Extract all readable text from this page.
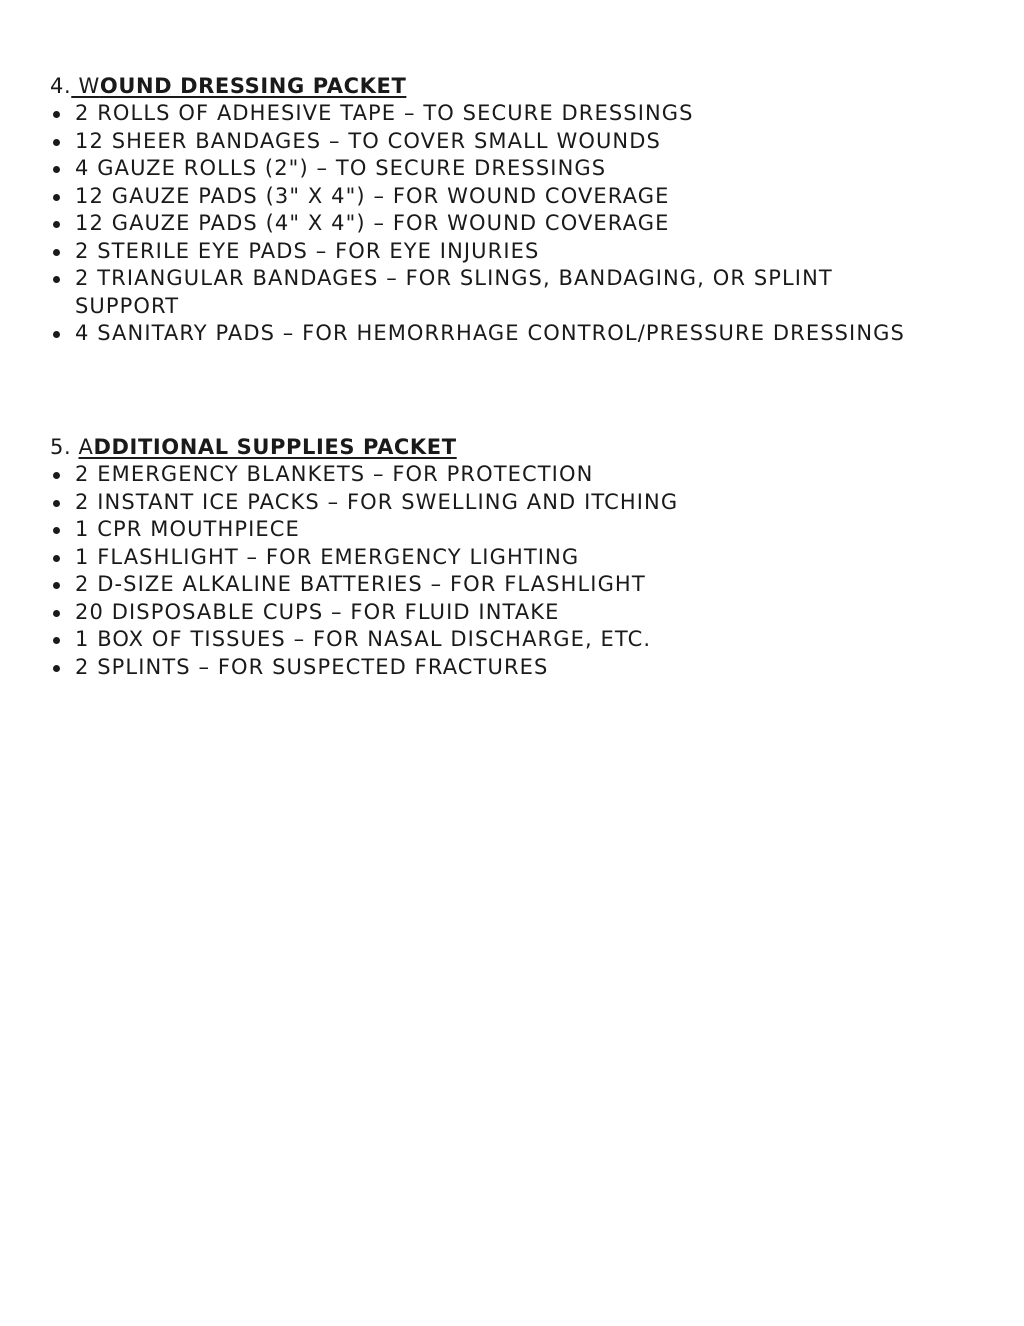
4. WOUND DRESSING PACKET
2 ROLLS OF ADHESIVE TAPE – TO SECURE DRESSINGS
12 SHEER BANDAGES – TO COVER SMALL WOUNDS
4 GAUZE ROLLS (2") – TO SECURE DRESSINGS
12 GAUZE PADS (3" X 4") – FOR WOUND COVERAGE
12 GAUZE PADS (4" X 4") – FOR WOUND COVERAGE
2 STERILE EYE PADS – FOR EYE INJURIES
2 TRIANGULAR BANDAGES – FOR SLINGS, BANDAGING, OR SPLINT SUPPORT
4 SANITARY PADS – FOR HEMORRHAGE CONTROL/PRESSURE DRESSINGS
5. ADDITIONAL SUPPLIES PACKET
2 EMERGENCY BLANKETS – FOR PROTECTION
2 INSTANT ICE PACKS – FOR SWELLING AND ITCHING
1 CPR MOUTHPIECE
1 FLASHLIGHT – FOR EMERGENCY LIGHTING
2 D-SIZE ALKALINE BATTERIES – FOR FLASHLIGHT
20 DISPOSABLE CUPS – FOR FLUID INTAKE
1 BOX OF TISSUES – FOR NASAL DISCHARGE, ETC.
2 SPLINTS – FOR SUSPECTED FRACTURES
